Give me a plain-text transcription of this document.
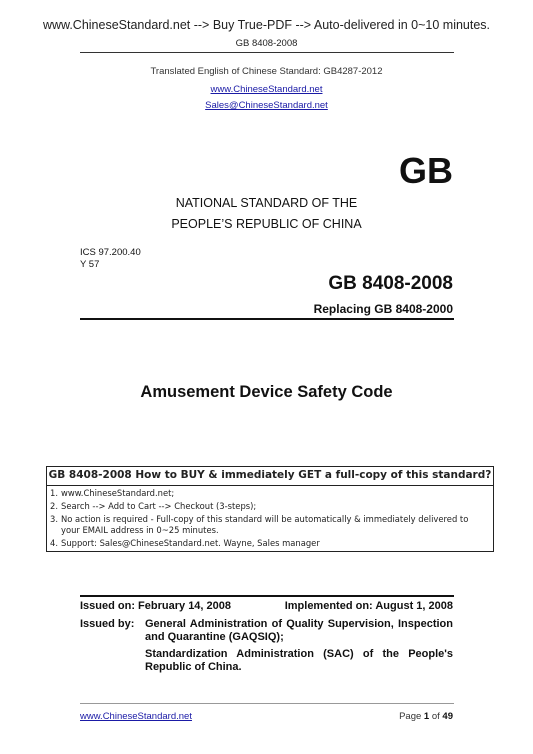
www.ChineseStandard.net --> Buy True-PDF --> Auto-delivered in 0~10 minutes.
GB 8408-2008
Translated English of Chinese Standard: GB4287-2012
www.ChineseStandard.net
Sales@ChineseStandard.net
GB
NATIONAL STANDARD OF THE
PEOPLE’S REPUBLIC OF CHINA
ICS 97.200.40
Y 57
GB 8408-2008
Replacing GB 8408-2000
Amusement Device Safety Code
GB 8408-2008 How to BUY & immediately GET a full-copy of this standard?
1. www.ChineseStandard.net;
2. Search --> Add to Cart --> Checkout (3-steps);
3. No action is required - Full-copy of this standard will be automatically & immediately delivered to
your EMAIL address in 0~25 minutes.
4. Support: Sales@ChineseStandard.net. Wayne, Sales manager
Issued on: February 14, 2008	Implemented on: August 1, 2008
Issued by: General Administration of Quality Supervision, Inspection and Quarantine (GAQSIQ);
Standardization Administration (SAC) of the People's Republic of China.
www.ChineseStandard.net	Page 1 of 49
